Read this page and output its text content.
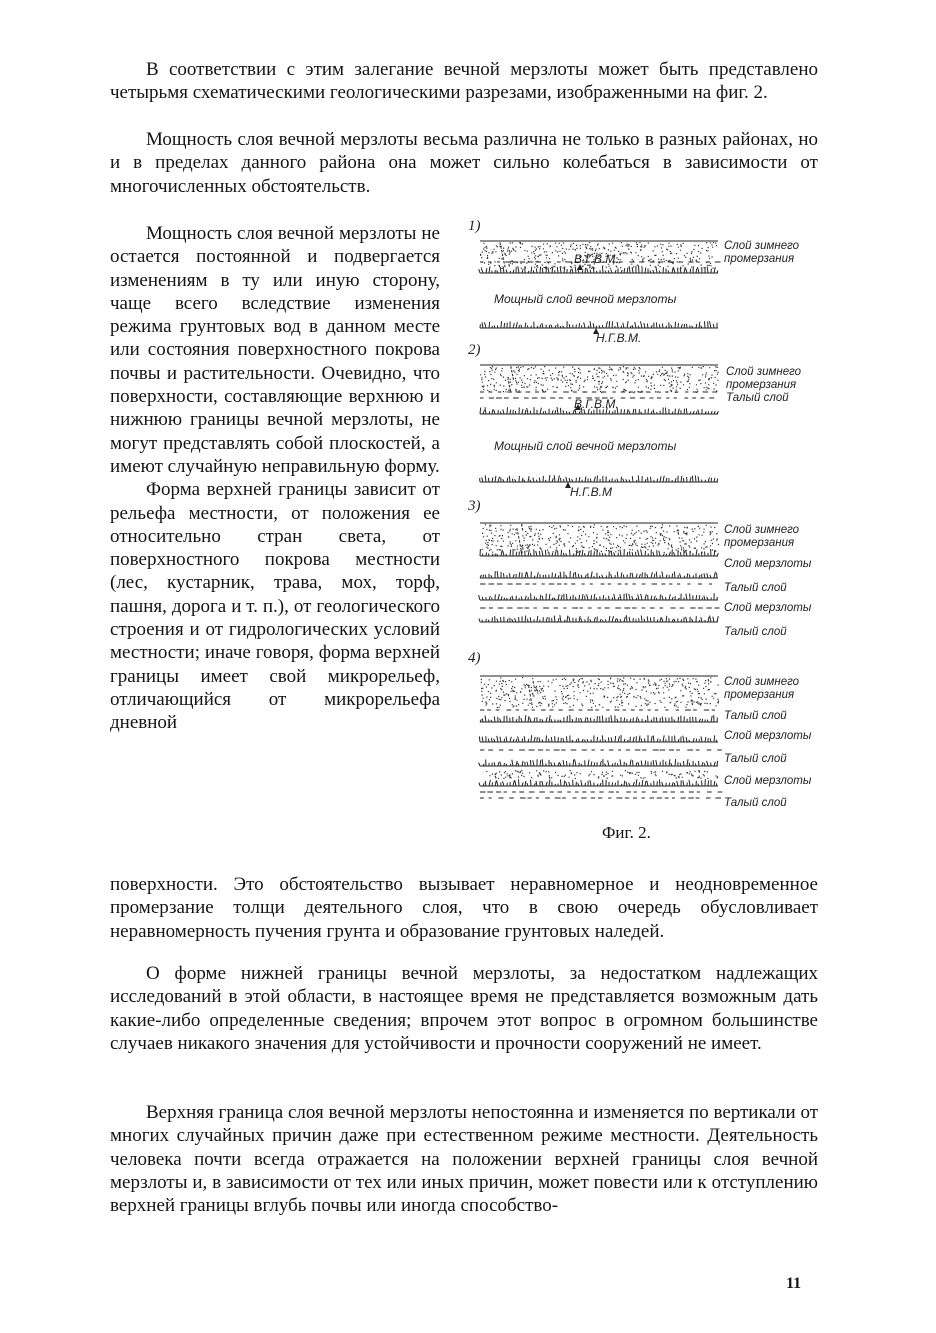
В соответствии с этим залегание вечной мерзлоты может быть представлено четырьмя схематическими геологическими разрезами, изображенными на фиг. 2.

Мощность слоя вечной мерзлоты весьма различна не только в разных районах, но и в пределах данного района она может сильно колебаться в зависимости от многочисленных обстоятельств.

Мощность слоя вечной мерзлоты не остается постоянной и подвергается изменениям в ту или иную сторону, чаще всего вследствие изменения режима грунтовых вод в данном месте или состояния поверхностного покрова почвы и растительности. Очевидно, что поверхности, составляющие верхнюю и нижнюю границы вечной мерзлоты, не могут представлять собой плоскостей, а имеют случайную неправильную форму.

Форма верхней границы зависит от рельефа местности, от положения ее относительно стран света, от поверхностного покрова местности (лес, кустарник, трава, мох, торф, пашня, дорога и т. п.), от геологического строения и от гидрологических условий местности; иначе говоря, форма верхней границы имеет свой микрорельеф, отличающийся от микрорельефа дневной

1)
В.Г.В.М.
Слой зимнего
промерзания
Мощный слой вечной мерзлоты
Н.Г.В.М.
2)
В.Г.В.М.
Слой зимнего
промерзания
Талый слой
Мощный слой вечной мерзлоты
Н.Г.В.М
3)
Слой зимнего
промерзания
Слой мерзлоты
Талый слой
Слой мерзлоты
Талый слой
4)
Слой зимнего
промерзания
Талый слой
Слой мерзлоты
Талый слой
Слой мерзлоты
Талый слой
Фиг. 2.

поверхности. Это обстоятельство вызывает неравномерное и неодновременное промерзание толщи деятельного слоя, что в свою очередь обусловливает неравномерность пучения грунта и образование грунтовых наледей.

О форме нижней границы вечной мерзлоты, за недостатком надлежащих исследований в этой области, в настоящее время не представляется возможным дать какие-либо определенные сведения; впрочем этот вопрос в огромном большинстве случаев никакого значения для устойчивости и прочности сооружений не имеет.

Верхняя граница слоя вечной мерзлоты непостоянна и изменяется по вертикали от многих случайных причин даже при естественном режиме местности. Деятельность человека почти всегда отражается на положении верхней границы слоя вечной мерзлоты и, в зависимости от тех или иных причин, может повести или к отступлению верхней границы вглубь почвы или иногда способство-

11
